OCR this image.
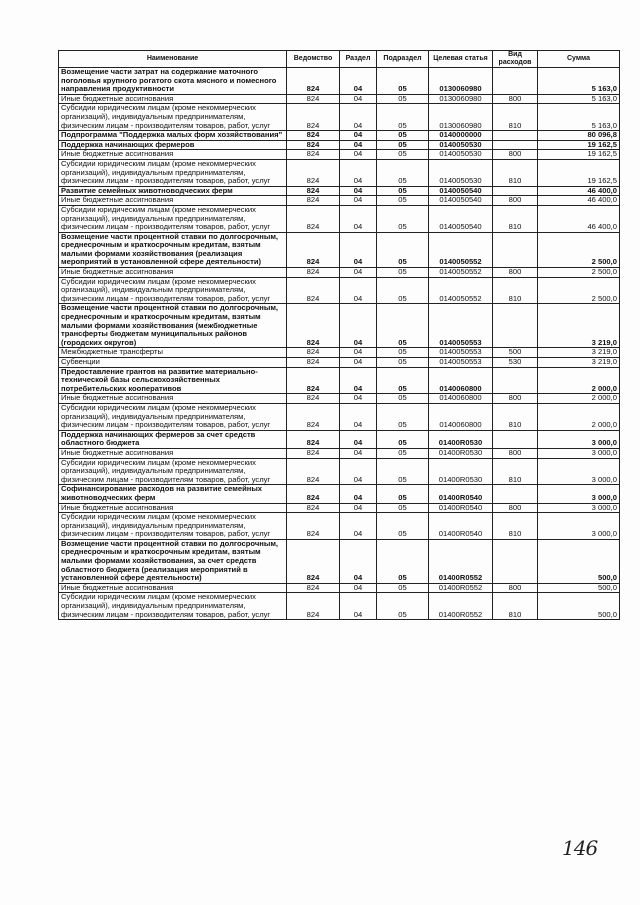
Наименование	Ведомство	Раздел	Подраздел	Целевая статья	Вид расходов	Сумма
Возмещение части затрат на содержание маточного поголовья крупного рогатого скота мясного и помесного направления продуктивности	824	04	05	0130060980		5 163,0
Иные бюджетные ассигнования	824	04	05	0130060980	800	5 163,0
Субсидии юридическим лицам (кроме некоммерческих организаций), индивидуальным предпринимателям, физическим лицам - производителям товаров, работ, услуг	824	04	05	0130060980	810	5 163,0
Подпрограмма "Поддержка малых форм хозяйствования"	824	04	05	0140000000		80 096,8
Поддержка начинающих фермеров	824	04	05	0140050530		19 162,5
Иные бюджетные ассигнования	824	04	05	0140050530	800	19 162,5
Субсидии юридическим лицам (кроме некоммерческих организаций), индивидуальным предпринимателям, физическим лицам - производителям товаров, работ, услуг	824	04	05	0140050530	810	19 162,5
Развитие семейных животноводческих ферм	824	04	05	0140050540		46 400,0
Иные бюджетные ассигнования	824	04	05	0140050540	800	46 400,0
Субсидии юридическим лицам (кроме некоммерческих организаций), индивидуальным предпринимателям, физическим лицам - производителям товаров, работ, услуг	824	04	05	0140050540	810	46 400,0
Возмещение части процентной ставки по долгосрочным, среднесрочным и краткосрочным кредитам, взятым малыми формами хозяйствования (реализация мероприятий в установленной сфере деятельности)	824	04	05	0140050552		2 500,0
Иные бюджетные ассигнования	824	04	05	0140050552	800	2 500,0
Субсидии юридическим лицам (кроме некоммерческих организаций), индивидуальным предпринимателям, физическим лицам - производителям товаров, работ, услуг	824	04	05	0140050552	810	2 500,0
Возмещение части процентной ставки по долгосрочным, среднесрочным и краткосрочным кредитам, взятым малыми формами хозяйствования (межбюджетные трансферты бюджетам муниципальных районов (городских округов)	824	04	05	0140050553		3 219,0
Межбюджетные трансферты	824	04	05	0140050553	500	3 219,0
Субвенции	824	04	05	0140050553	530	3 219,0
Предоставление грантов на развитие материально-технической базы сельскохозяйственных потребительских кооперативов	824	04	05	0140060800		2 000,0
Иные бюджетные ассигнования	824	04	05	0140060800	800	2 000,0
Субсидии юридическим лицам (кроме некоммерческих организаций), индивидуальным предпринимателям, физическим лицам - производителям товаров, работ, услуг	824	04	05	0140060800	810	2 000,0
Поддержка начинающих фермеров за счет средств областного бюджета	824	04	05	01400R0530		3 000,0
Иные бюджетные ассигнования	824	04	05	01400R0530	800	3 000,0
Субсидии юридическим лицам (кроме некоммерческих организаций), индивидуальным предпринимателям, физическим лицам - производителям товаров, работ, услуг	824	04	05	01400R0530	810	3 000,0
Софинансирование расходов на развитие семейных животноводческих ферм	824	04	05	01400R0540		3 000,0
Иные бюджетные ассигнования	824	04	05	01400R0540	800	3 000,0
Субсидии юридическим лицам (кроме некоммерческих организаций), индивидуальным предпринимателям, физическим лицам - производителям товаров, работ, услуг	824	04	05	01400R0540	810	3 000,0
Возмещение части процентной ставки по долгосрочным, среднесрочным и краткосрочным кредитам, взятым малыми формами хозяйствования, за счет средств областного бюджета (реализация мероприятий в установленной сфере деятельности)	824	04	05	01400R0552		500,0
Иные бюджетные ассигнования	824	04	05	01400R0552	800	500,0
Субсидии юридическим лицам (кроме некоммерческих организаций), индивидуальным предпринимателям, физическим лицам - производителям товаров, работ, услуг	824	04	05	01400R0552	810	500,0
146
